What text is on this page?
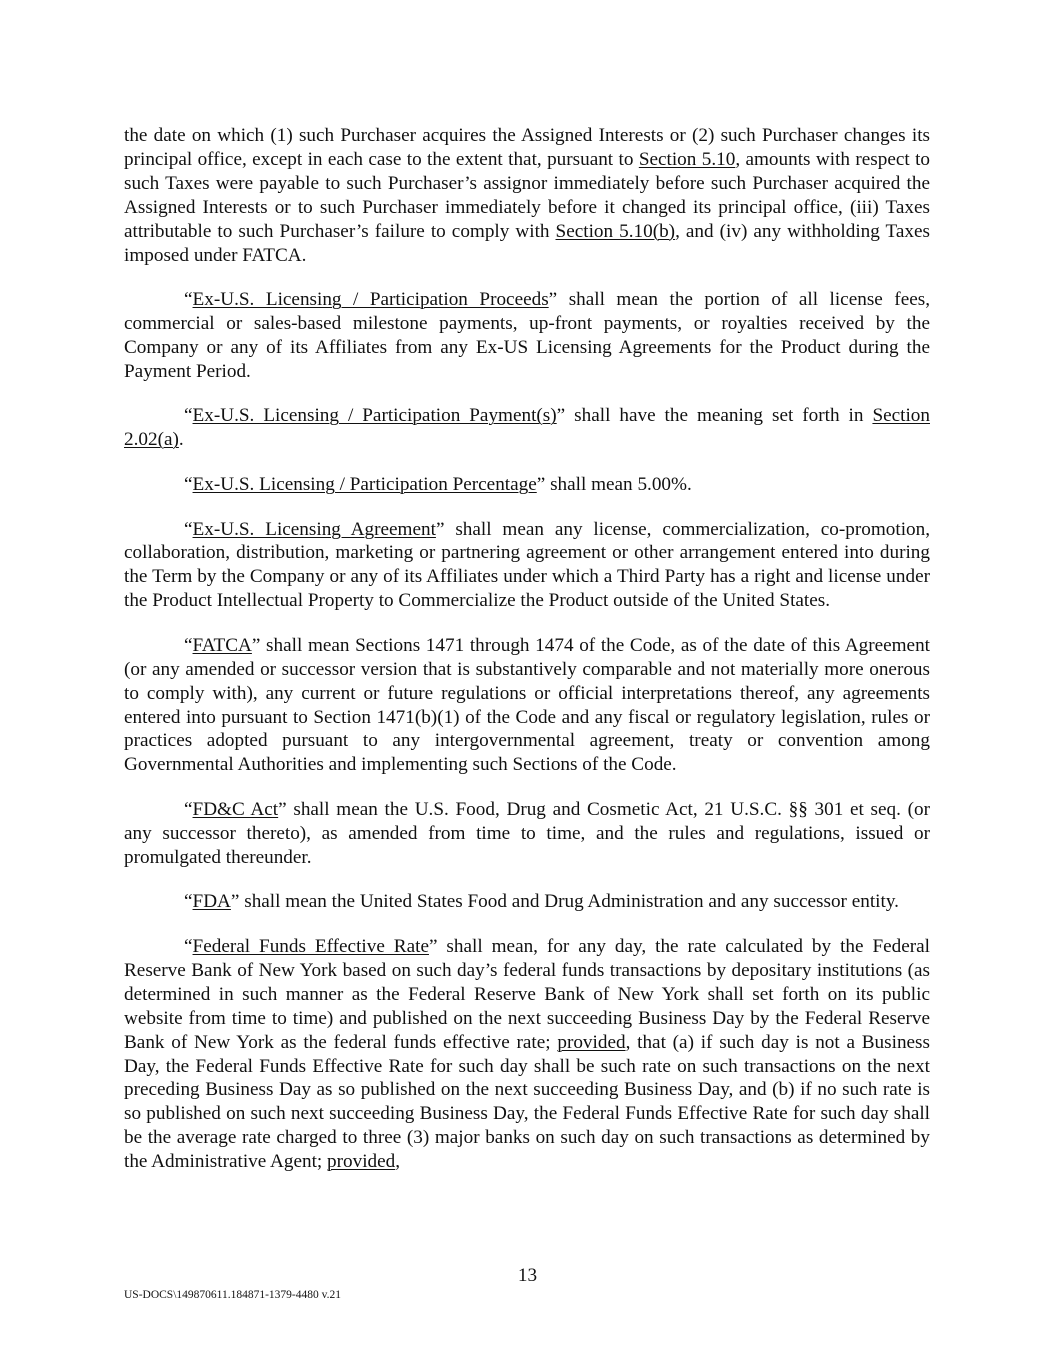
the date on which (1) such Purchaser acquires the Assigned Interests or (2) such Purchaser changes its principal office, except in each case to the extent that, pursuant to Section 5.10, amounts with respect to such Taxes were payable to such Purchaser’s assignor immediately before such Purchaser acquired the Assigned Interests or to such Purchaser immediately before it changed its principal office, (iii) Taxes attributable to such Purchaser’s failure to comply with Section 5.10(b), and (iv) any withholding Taxes imposed under FATCA.

“Ex-U.S. Licensing / Participation Proceeds” shall mean the portion of all license fees, commercial or sales-based milestone payments, up-front payments, or royalties received by the Company or any of its Affiliates from any Ex-US Licensing Agreements for the Product during the Payment Period.

“Ex-U.S. Licensing / Participation Payment(s)” shall have the meaning set forth in Section 2.02(a).

“Ex-U.S. Licensing / Participation Percentage” shall mean 5.00%.

“Ex-U.S. Licensing Agreement” shall mean any license, commercialization, co-promotion, collaboration, distribution, marketing or partnering agreement or other arrangement entered into during the Term by the Company or any of its Affiliates under which a Third Party has a right and license under the Product Intellectual Property to Commercialize the Product outside of the United States.

“FATCA” shall mean Sections 1471 through 1474 of the Code, as of the date of this Agreement (or any amended or successor version that is substantively comparable and not materially more onerous to comply with), any current or future regulations or official interpretations thereof, any agreements entered into pursuant to Section 1471(b)(1) of the Code and any fiscal or regulatory legislation, rules or practices adopted pursuant to any intergovernmental agreement, treaty or convention among Governmental Authorities and implementing such Sections of the Code.

“FD&C Act” shall mean the U.S. Food, Drug and Cosmetic Act, 21 U.S.C. §§ 301 et seq. (or any successor thereto), as amended from time to time, and the rules and regulations, issued or promulgated thereunder.

“FDA” shall mean the United States Food and Drug Administration and any successor entity.

“Federal Funds Effective Rate” shall mean, for any day, the rate calculated by the Federal Reserve Bank of New York based on such day’s federal funds transactions by depositary institutions (as determined in such manner as the Federal Reserve Bank of New York shall set forth on its public website from time to time) and published on the next succeeding Business Day by the Federal Reserve Bank of New York as the federal funds effective rate; provided, that (a) if such day is not a Business Day, the Federal Funds Effective Rate for such day shall be such rate on such transactions on the next preceding Business Day as so published on the next succeeding Business Day, and (b) if no such rate is so published on such next succeeding Business Day, the Federal Funds Effective Rate for such day shall be the average rate charged to three (3) major banks on such day on such transactions as determined by the Administrative Agent; provided,

13
US-DOCS\149870611.184871-1379-4480 v.21
